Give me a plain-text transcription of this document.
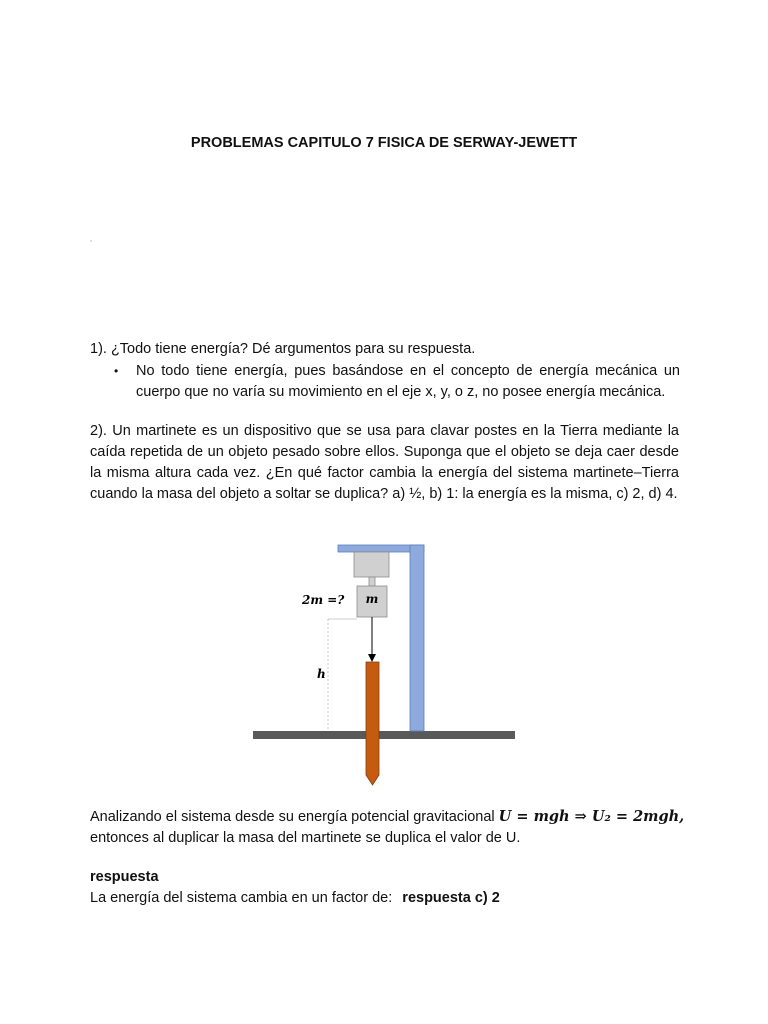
PROBLEMAS CAPITULO 7 FISICA DE SERWAY-JEWETT
1). ¿Todo tiene energía? Dé argumentos para su respuesta.
•	No todo tiene energía, pues basándose en el concepto de energía mecánica un cuerpo que no varía su movimiento en el eje x, y, o z, no posee energía mecánica.
2). Un martinete es un dispositivo que se usa para clavar postes en la Tierra mediante la caída repetida de un objeto pesado sobre ellos. Suponga que el objeto se deja caer desde la misma altura cada vez. ¿En qué factor cambia la energía del sistema martinete–Tierra cuando la masa del objeto a soltar se duplica? a) ½, b) 1: la energía es la misma, c) 2, d) 4.
m
2m =?
h
Analizando el sistema desde su energía potencial gravitacional U = mgh ⇒ U₂ = 2mgh,
entonces al duplicar la masa del martinete se duplica el valor de U.
respuesta
La energía del sistema cambia en un factor de: respuesta c) 2
